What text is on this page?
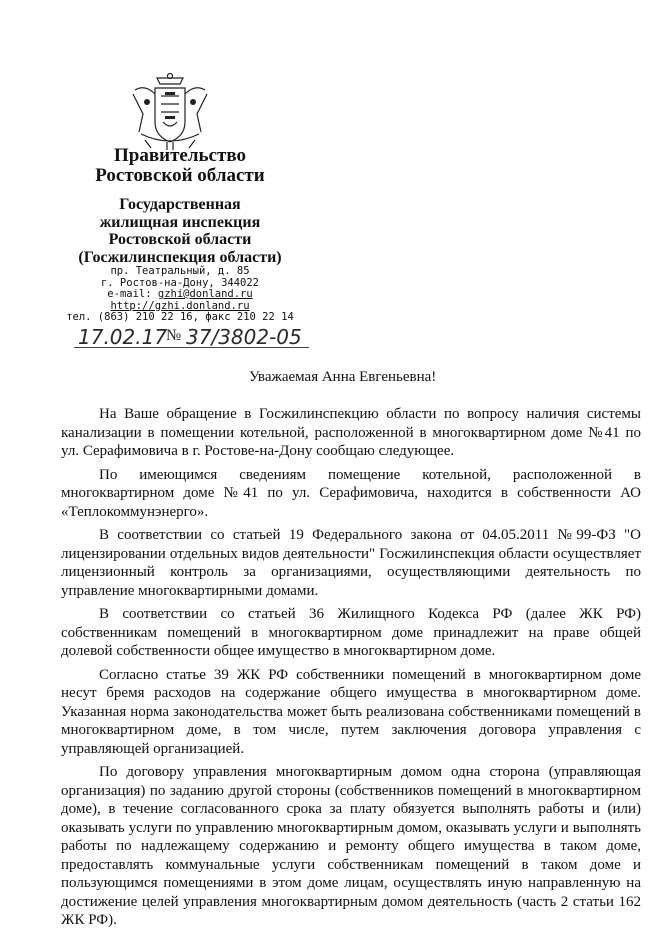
Правительство
Ростовской области
Государственная
жилищная инспекция
Ростовской области
(Госжилинспекция области)
пр. Театральный, д. 85
г. Ростов-на-Дону, 344022
e-mail: gzhi@donland.ru
http://gzhi.donland.ru
тел. (863) 210 22 16, факс 210 22 14
17.02.17
№ 37/3802-05
Уважаемая Анна Евгеньевна!

На Ваше обращение в Госжилинспекцию области по вопросу наличия системы канализации в помещении котельной, расположенной в многоквартирном доме №41 по ул. Серафимовича в г. Ростове-на-Дону сообщаю следующее.

По имеющимся сведениям помещение котельной, расположенной в многоквартирном доме №41 по ул. Серафимовича, находится в собственности АО «Теплокоммунэнерго».

В соответствии со статьей 19 Федерального закона от 04.05.2011 №99-ФЗ "О лицензировании отдельных видов деятельности" Госжилинспекция области осуществляет лицензионный контроль за организациями, осуществляющими деятельность по управление многоквартирными домами.

В соответствии со статьей 36 Жилищного Кодекса РФ (далее ЖК РФ) собственникам помещений в многоквартирном доме принадлежит на праве общей долевой собственности общее имущество в многоквартирном доме.

Согласно статье 39 ЖК РФ собственники помещений в многоквартирном доме несут бремя расходов на содержание общего имущества в многоквартирном доме. Указанная норма законодательства может быть реализована собственниками помещений в многоквартирном доме, в том числе, путем заключения договора управления с управляющей организацией.

По договору управления многоквартирным домом одна сторона (управляющая организация) по заданию другой стороны (собственников помещений в многоквартирном доме), в течение согласованного срока за плату обязуется выполнять работы и (или) оказывать услуги по управлению многоквартирным домом, оказывать услуги и выполнять работы по надлежащему содержанию и ремонту общего имущества в таком доме, предоставлять коммунальные услуги собственникам помещений в таком доме и пользующимся помещениями в этом доме лицам, осуществлять иную направленную на достижение целей управления многоквартирным домом деятельность (часть 2 статьи 162 ЖК РФ).
